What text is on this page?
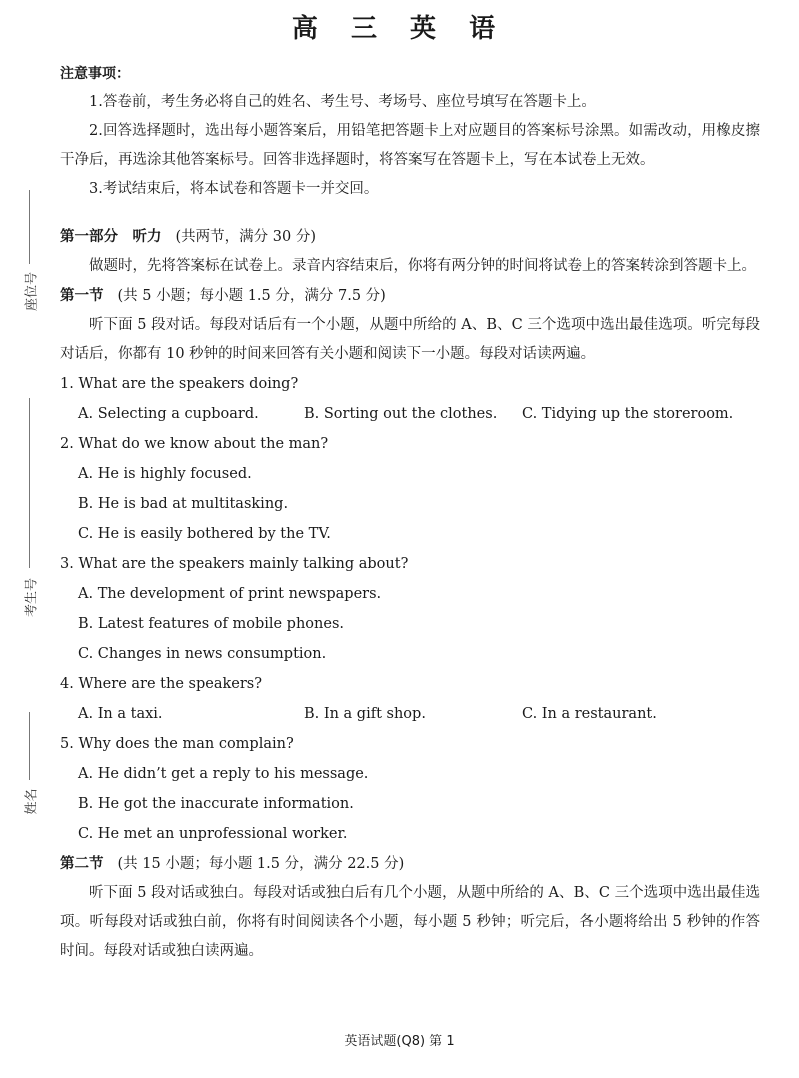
高 三 英 语
座位号
考生号
姓名

注意事项：

1.答卷前，考生务必将自己的姓名、考生号、考场号、座位号填写在答题卡上。

2.回答选择题时，选出每小题答案后，用铅笔把答题卡上对应题目的答案标号涂黑。如需改动，用橡皮擦干净后，再选涂其他答案标号。回答非选择题时，将答案写在答题卡上，写在本试卷上无效。

3.考试结束后，将本试卷和答题卡一并交回。

第一部分　听力 (共两节，满分 30 分)

做题时，先将答案标在试卷上。录音内容结束后，你将有两分钟的时间将试卷上的答案转涂到答题卡上。

第一节 (共 5 小题；每小题 1.5 分，满分 7.5 分)

听下面 5 段对话。每段对话后有一个小题，从题中所给的 A、B、C 三个选项中选出最佳选项。听完每段对话后，你都有 10 秒钟的时间来回答有关小题和阅读下一小题。每段对话读两遍。

1. What are the speakers doing?

A. Selecting a cupboard.	B. Sorting out the clothes.	C. Tidying up the storeroom.

2. What do we know about the man?

A. He is highly focused.

B. He is bad at multitasking.

C. He is easily bothered by the TV.

3. What are the speakers mainly talking about?

A. The development of print newspapers.

B. Latest features of mobile phones.

C. Changes in news consumption.

4. Where are the speakers?

A. In a taxi.	B. In a gift shop.	C. In a restaurant.

5. Why does the man complain?

A. He didn’t get a reply to his message.

B. He got the inaccurate information.

C. He met an unprofessional worker.

第二节 (共 15 小题；每小题 1.5 分，满分 22.5 分)

听下面 5 段对话或独白。每段对话或独白后有几个小题，从题中所给的 A、B、C 三个选项中选出最佳选项。听每段对话或独白前，你将有时间阅读各个小题，每小题 5 秒钟；听完后，各小题将给出 5 秒钟的作答时间。每段对话或独白读两遍。

英语试题(Q8) 第 1
